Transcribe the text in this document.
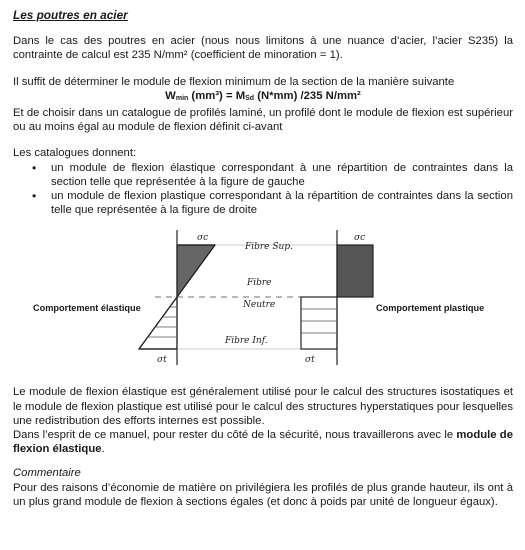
Les poutres en acier

Dans le cas des poutres en acier (nous nous limitons à une nuance d’acier, l’acier S235) la contrainte de calcul est 235 N/mm² (coefficient de minoration = 1).

Il suffit de déterminer le module de flexion minimum de la section de la manière suivante

$W_{min}$ $(mm^3) = M_{Sd}$ (N*mm) /235 N/mm²

Et de choisir dans un catalogue de profilés laminé, un profilé dont le module de flexion est supérieur ou au moins égal au module de flexion définit ci-avant

Les catalogues donnent:

• un module de flexion élastique correspondant à une répartition de contraintes dans la section telle que représentée à la figure de gauche
• un module de flexion plastique correspondant à la répartition de contraintes dans la section telle que représentée à la figure de droite
Comportement élastique
σc
σt
σc
σt
Fibre Sup.
Fibre
Neutre
Fibre Inf.
Comportement plastique

Le module de flexion élastique est généralement utilisé pour le calcul des structures isostatiques et le module de flexion plastique est utilisé pour le calcul des structures hyperstatiques pour lesquelles une redistribution des efforts internes est possible.

Dans l’esprit de ce manuel, pour rester du côté de la sécurité, nous travaillerons avec le module de flexion élastique.

Commentaire

Pour des raisons d’économie de matière on privilégiera les profilés de plus grande hauteur, ils ont à un plus grand module de flexion à sections égales (et donc à poids par unité de longueur égaux).
